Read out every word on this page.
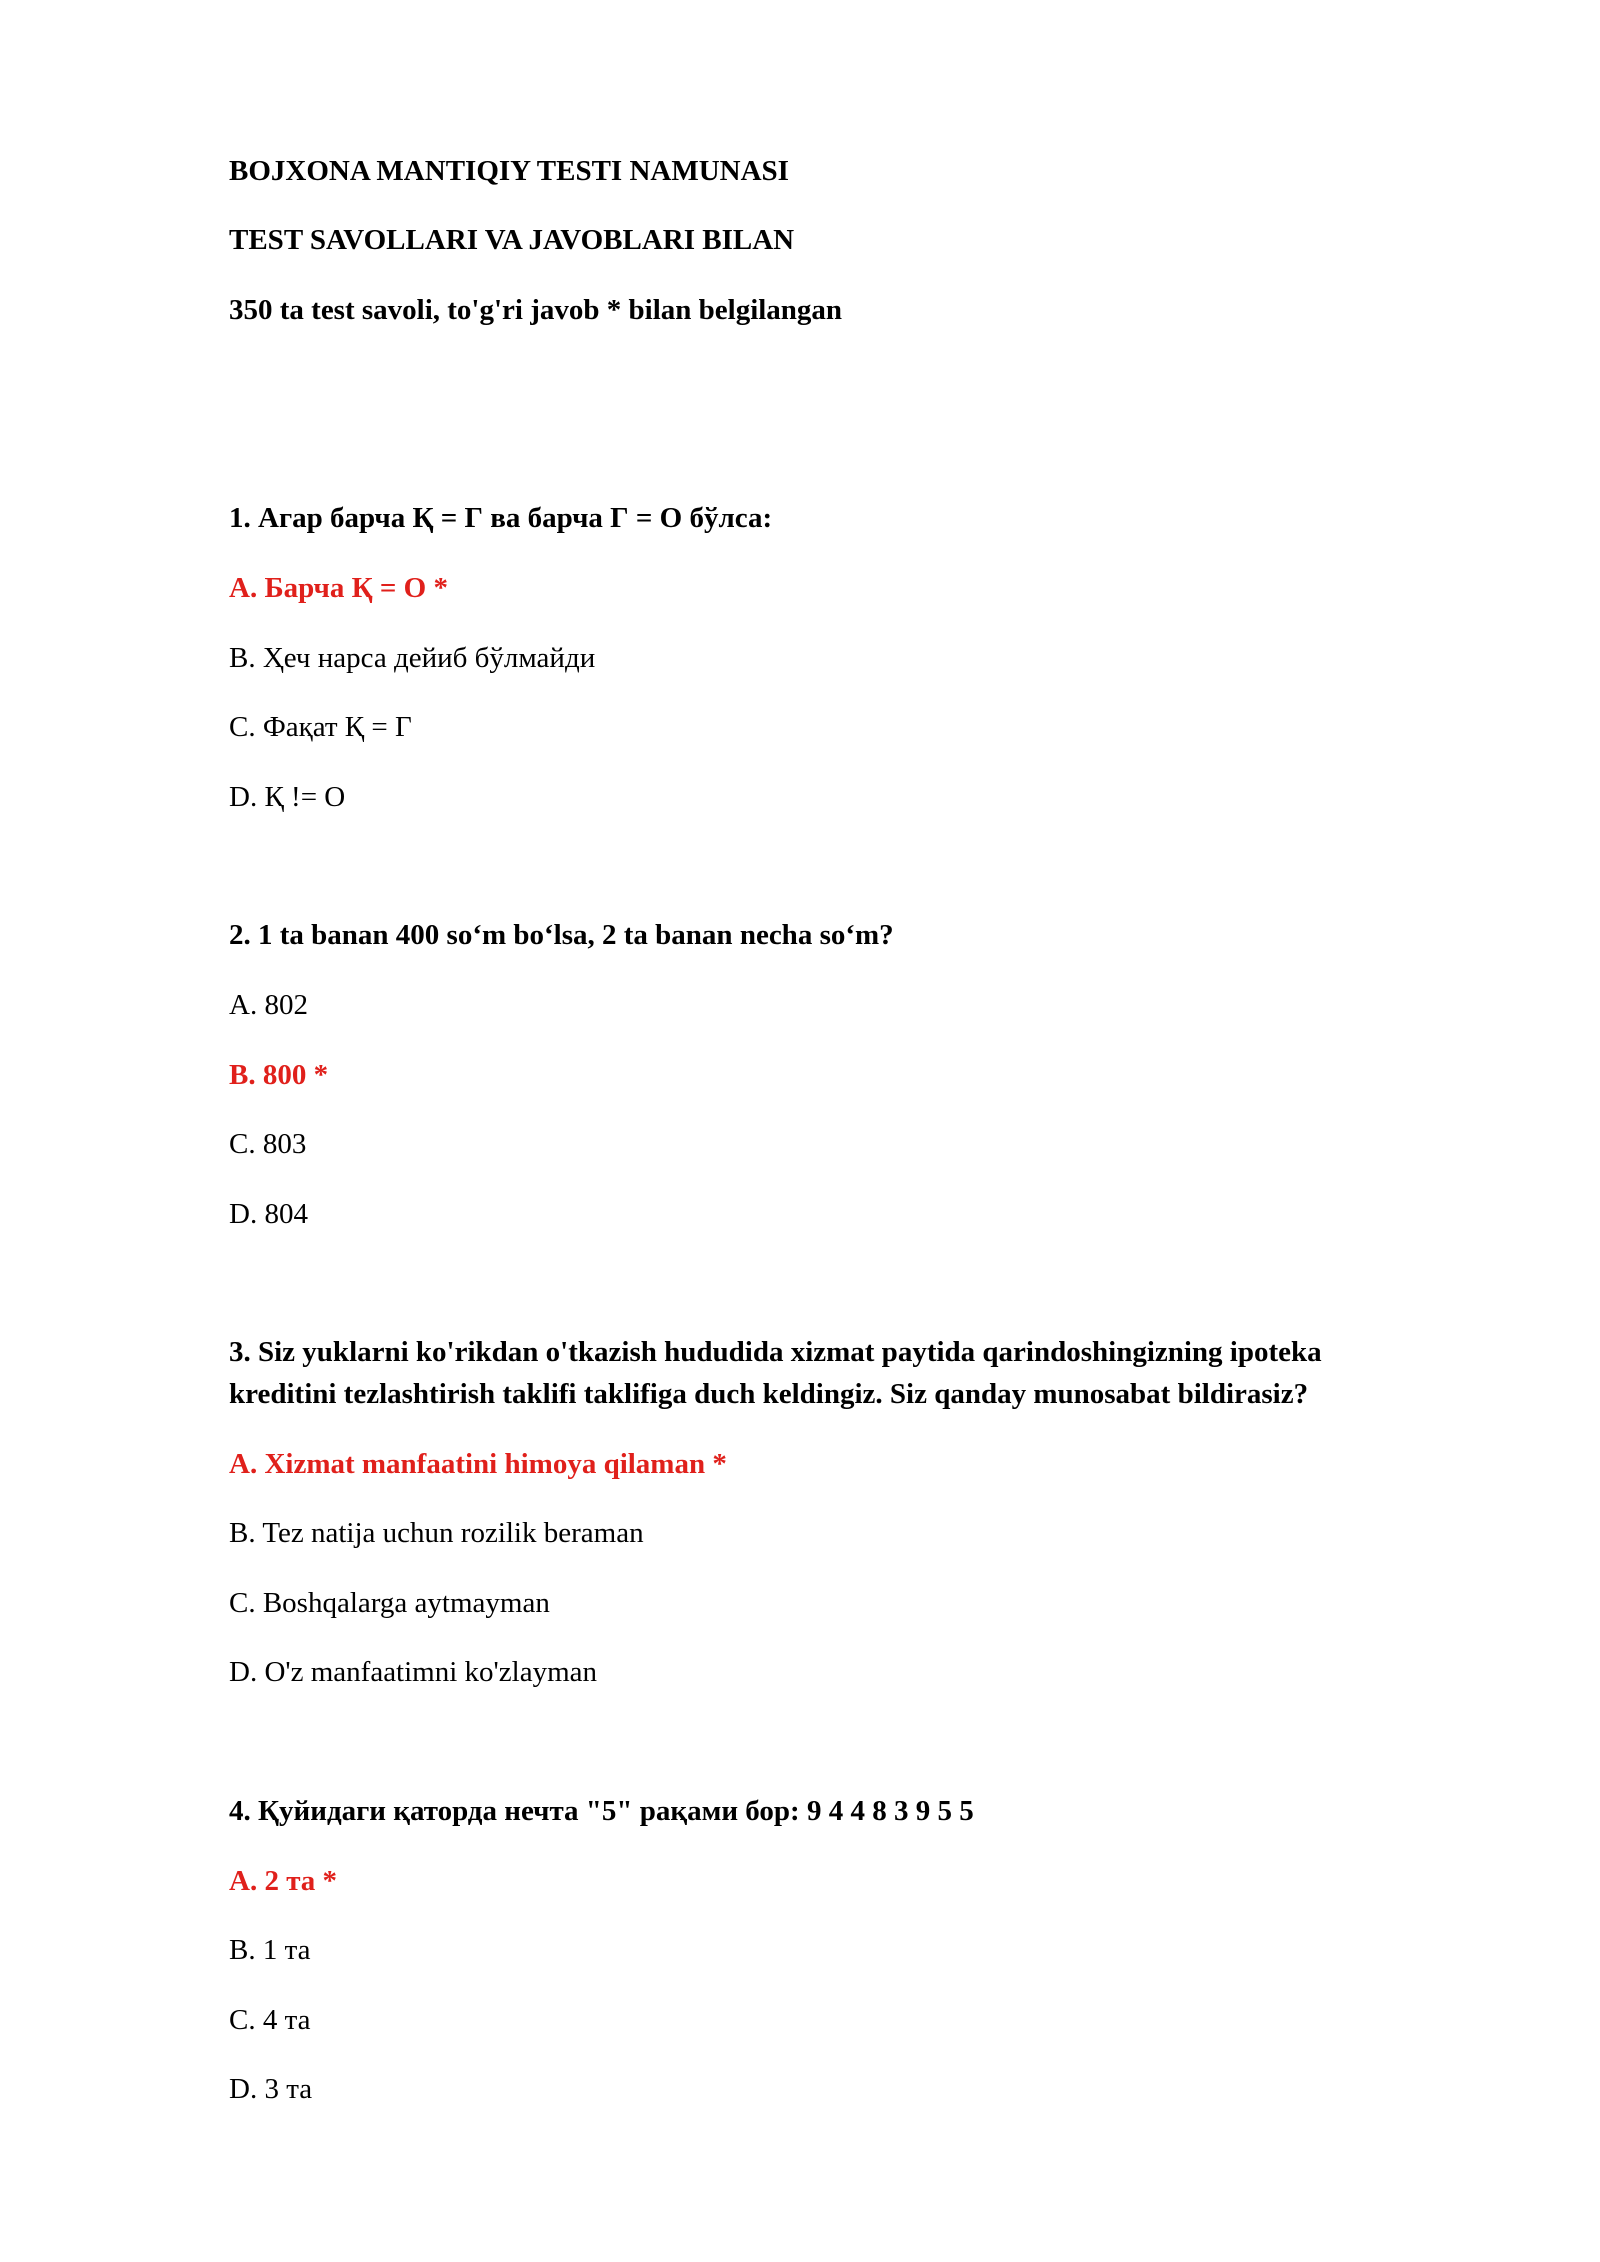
BOJXONA MANTIQIY TESTI NAMUNASI
TEST SAVOLLARI VA JAVOBLARI BILAN
350 ta test savoli, to'g'ri javob * bilan belgilangan
1. Агар барча Қ = Г ва барча Г = О бўлса:
A. Барча Қ = О *
B. Ҳеч нарса дейиб бўлмайди
C. Фақат Қ = Г
D. Қ != О
2. 1 ta banan 400 so‘m bo‘lsa, 2 ta banan necha so‘m?
A. 802
B. 800 *
C. 803
D. 804
3. Siz yuklarni ko'rikdan o'tkazish hududida xizmat paytida qarindoshingizning ipoteka
kreditini tezlashtirish taklifi taklifiga duch keldingiz. Siz qanday munosabat bildirasiz?
A. Xizmat manfaatini himoya qilaman *
B. Tez natija uchun rozilik beraman
C. Boshqalarga aytmayman
D. O'z manfaatimni ko'zlayman
4. Қуйидаги қаторда нечта "5" рақами бор: 9 4 4 8 3 9 5 5
A. 2 та *
B. 1 та
C. 4 та
D. 3 та
